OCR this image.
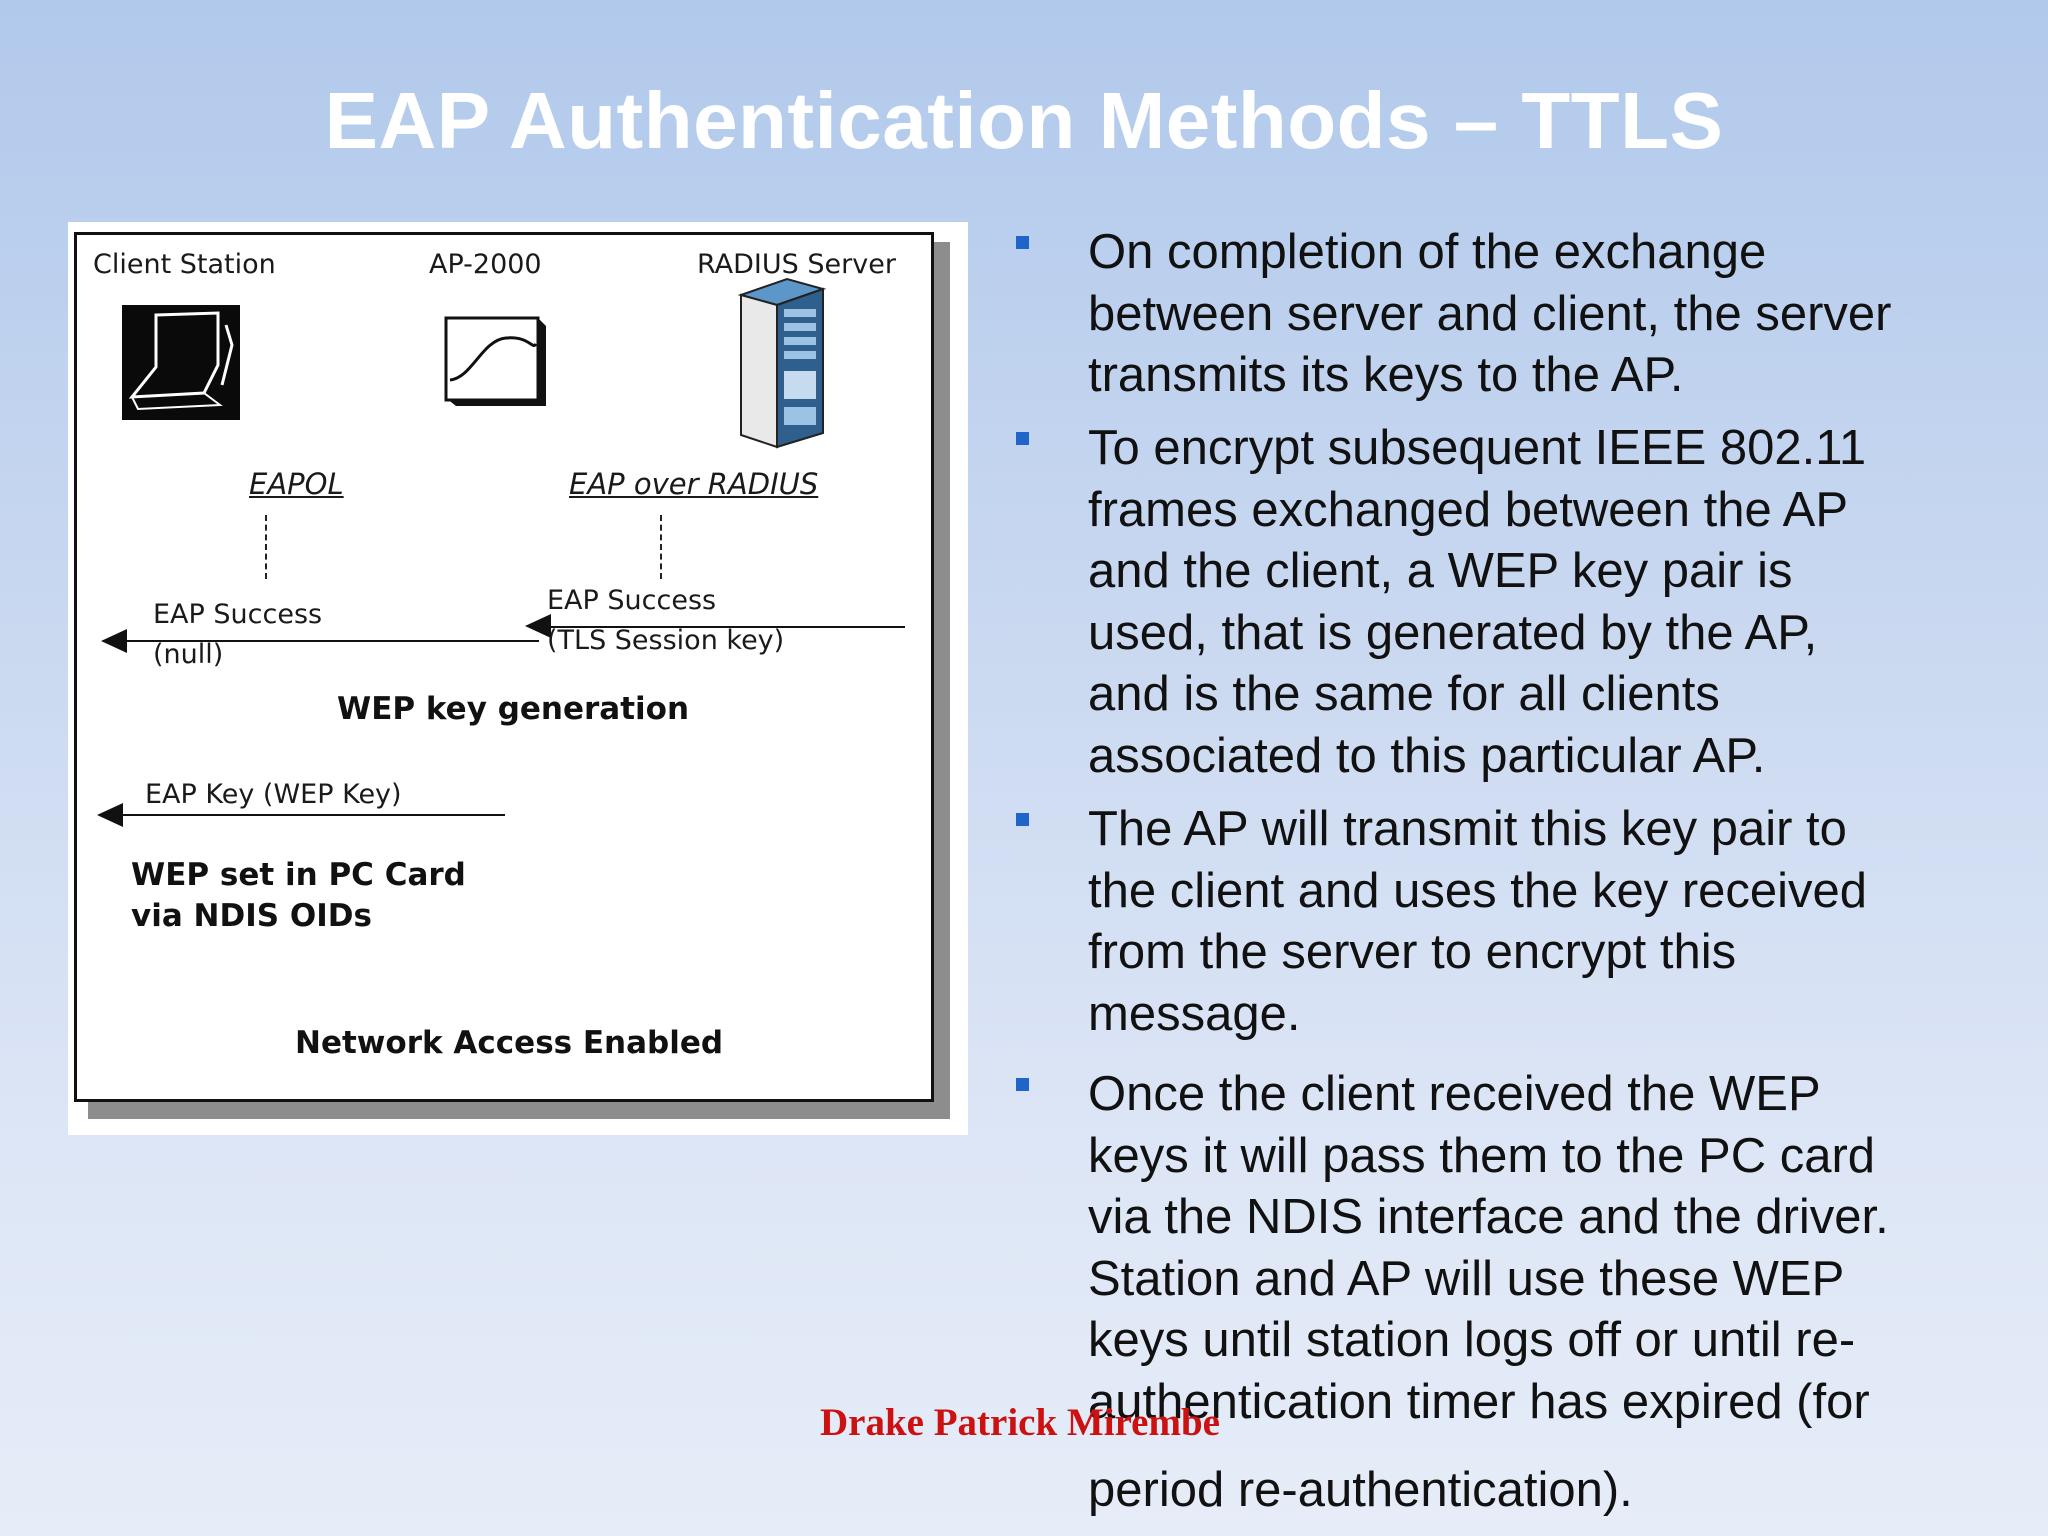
EAP Authentication Methods – TTLS
Client Station	AP-2000	RADIUS Server
EAPOL	EAP over RADIUS
EAP Success
(null)
EAP Success
(TLS Session key)
WEP key generation
EAP Key (WEP Key)
WEP set in PC Card
via NDIS OIDs
Network Access Enabled
On completion of the exchange
between server and client, the server
transmits its keys to the AP.
To encrypt subsequent IEEE 802.11
frames exchanged between the AP
and the client, a WEP key pair is
used, that is generated by the AP,
and is the same for all clients
associated to this particular AP.
The AP will transmit this key pair to
the client and uses the key received
from the server to encrypt this
message.
Once the client received the WEP
keys it will pass them to the PC card
via the NDIS interface and the driver.
Station and AP will use these WEP
keys until station logs off or until re-
authentication timer has expired (for
period re-authentication).
Drake Patrick Mirembe
